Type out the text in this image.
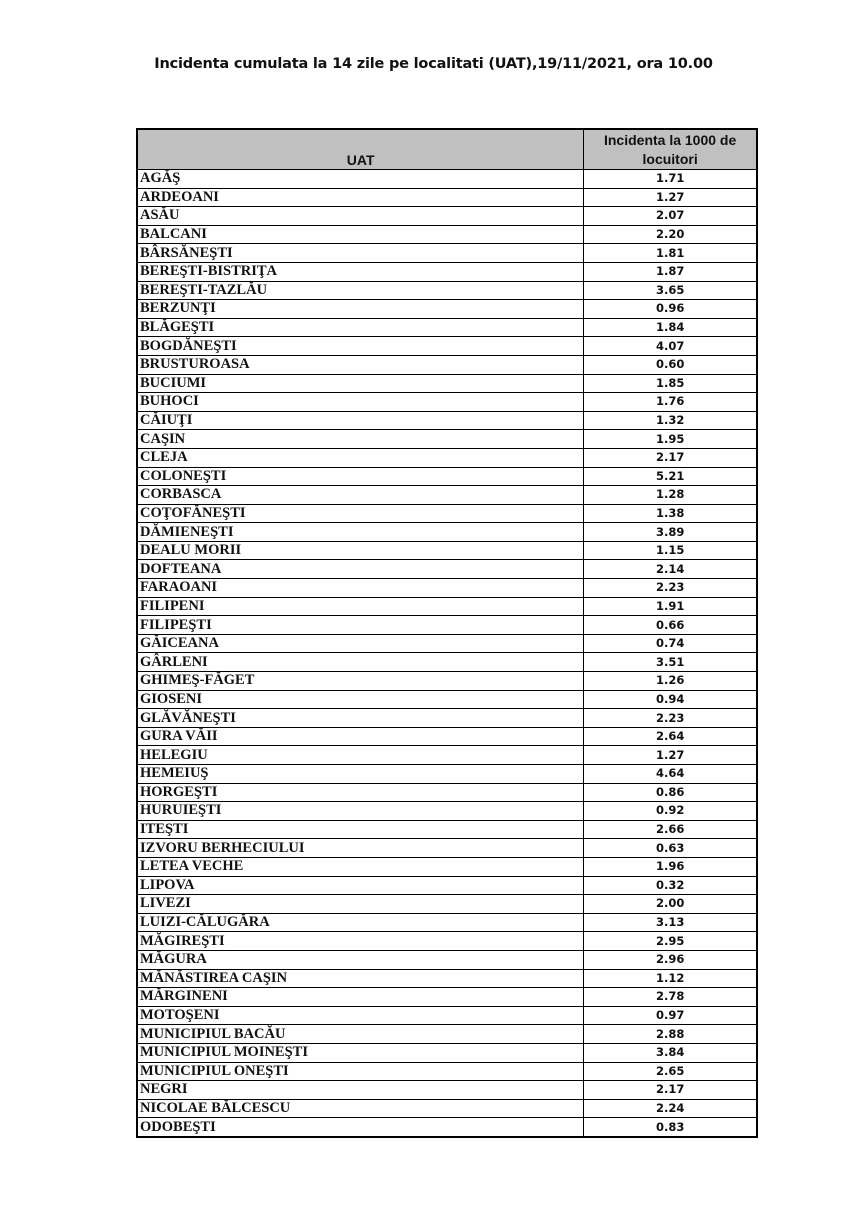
Incidenta cumulata la 14 zile pe localitati (UAT),19/11/2021, ora 10.00
UAT	Incidenta la 1000 de locuitori
AGĂŞ	1.71
ARDEOANI	1.27
ASĂU	2.07
BALCANI	2.20
BÂRSĂNEŞTI	1.81
BEREŞTI-BISTRIŢA	1.87
BEREŞTI-TAZLĂU	3.65
BERZUNŢI	0.96
BLĂGEŞTI	1.84
BOGDĂNEŞTI	4.07
BRUSTUROASA	0.60
BUCIUMI	1.85
BUHOCI	1.76
CĂIUŢI	1.32
CAŞIN	1.95
CLEJA	2.17
COLONEŞTI	5.21
CORBASCA	1.28
COŢOFĂNEŞTI	1.38
DĂMIENEŞTI	3.89
DEALU MORII	1.15
DOFTEANA	2.14
FARAOANI	2.23
FILIPENI	1.91
FILIPEŞTI	0.66
GĂICEANA	0.74
GÂRLENI	3.51
GHIMEŞ-FĂGET	1.26
GIOSENI	0.94
GLĂVĂNEŞTI	2.23
GURA VĂII	2.64
HELEGIU	1.27
HEMEIUŞ	4.64
HORGEŞTI	0.86
HURUIEŞTI	0.92
ITEŞTI	2.66
IZVORU BERHECIULUI	0.63
LETEA VECHE	1.96
LIPOVA	0.32
LIVEZI	2.00
LUIZI-CĂLUGĂRA	3.13
MĂGIREŞTI	2.95
MĂGURA	2.96
MĂNĂSTIREA CAŞIN	1.12
MĂRGINENI	2.78
MOTOŞENI	0.97
MUNICIPIUL BACĂU	2.88
MUNICIPIUL MOINEŞTI	3.84
MUNICIPIUL ONEŞTI	2.65
NEGRI	2.17
NICOLAE BĂLCESCU	2.24
ODOBEŞTI	0.83
